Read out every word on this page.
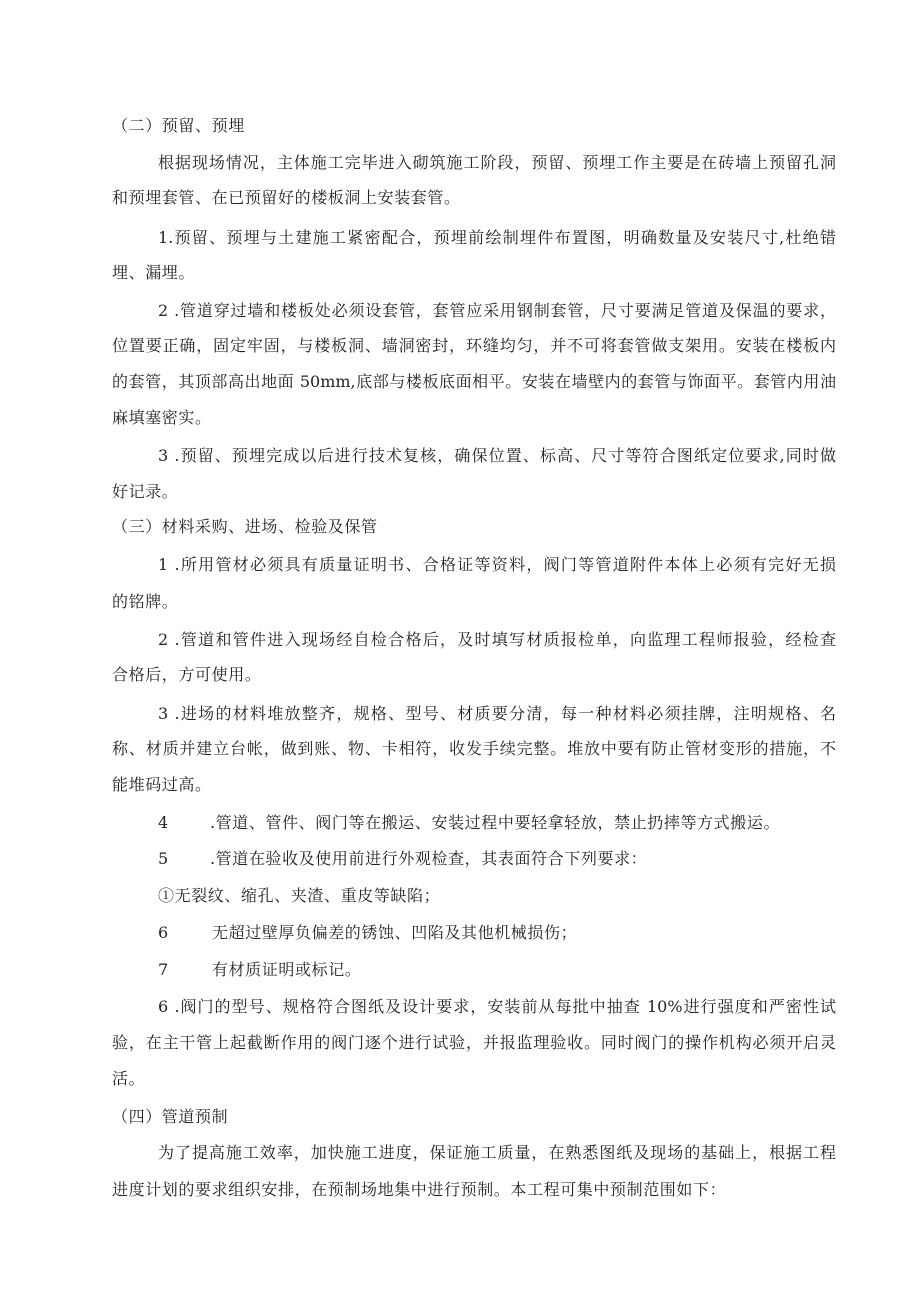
（二）预留、预埋
根据现场情况，主体施工完毕进入砌筑施工阶段，预留、预埋工作主要是在砖墙上预留孔洞
和预埋套管、在已预留好的楼板洞上安装套管。
1.预留、预埋与土建施工紧密配合，预埋前绘制埋件布置图，明确数量及安装尺寸,杜绝错
埋、漏埋。
2 .管道穿过墙和楼板处必须设套管，套管应采用钢制套管，尺寸要满足管道及保温的要求，
位置要正确，固定牢固，与楼板洞、墙洞密封，环缝均匀，并不可将套管做支架用。安装在楼板内
的套管，其顶部高出地面 50mm,底部与楼板底面相平。安装在墙壁内的套管与饰面平。套管内用油
麻填塞密实。
3 .预留、预埋完成以后进行技术复核，确保位置、标高、尺寸等符合图纸定位要求,同时做
好记录。
（三）材料采购、进场、检验及保管
1 .所用管材必须具有质量证明书、合格证等资料，阀门等管道附件本体上必须有完好无损
的铭牌。
2 .管道和管件进入现场经自检合格后，及时填写材质报检单，向监理工程师报验，经检查
合格后，方可使用。
3 .进场的材料堆放整齐，规格、型号、材质要分清，每一种材料必须挂牌，注明规格、名
称、材质并建立台帐，做到账、物、卡相符，收发手续完整。堆放中要有防止管材变形的措施，不
能堆码过高。
4	.管道、管件、阀门等在搬运、安装过程中要轻拿轻放，禁止扔摔等方式搬运。
5	.管道在验收及使用前进行外观检查，其表面符合下列要求：
①无裂纹、缩孔、夹渣、重皮等缺陷；
6	无超过壁厚负偏差的锈蚀、凹陷及其他机械损伤；
7	有材质证明或标记。
6 .阀门的型号、规格符合图纸及设计要求，安装前从每批中抽查 10%进行强度和严密性试
验，在主干管上起截断作用的阀门逐个进行试验，并报监理验收。同时阀门的操作机构必须开启灵
活。
（四）管道预制
为了提高施工效率，加快施工进度，保证施工质量，在熟悉图纸及现场的基础上，根据工程
进度计划的要求组织安排，在预制场地集中进行预制。本工程可集中预制范围如下：
